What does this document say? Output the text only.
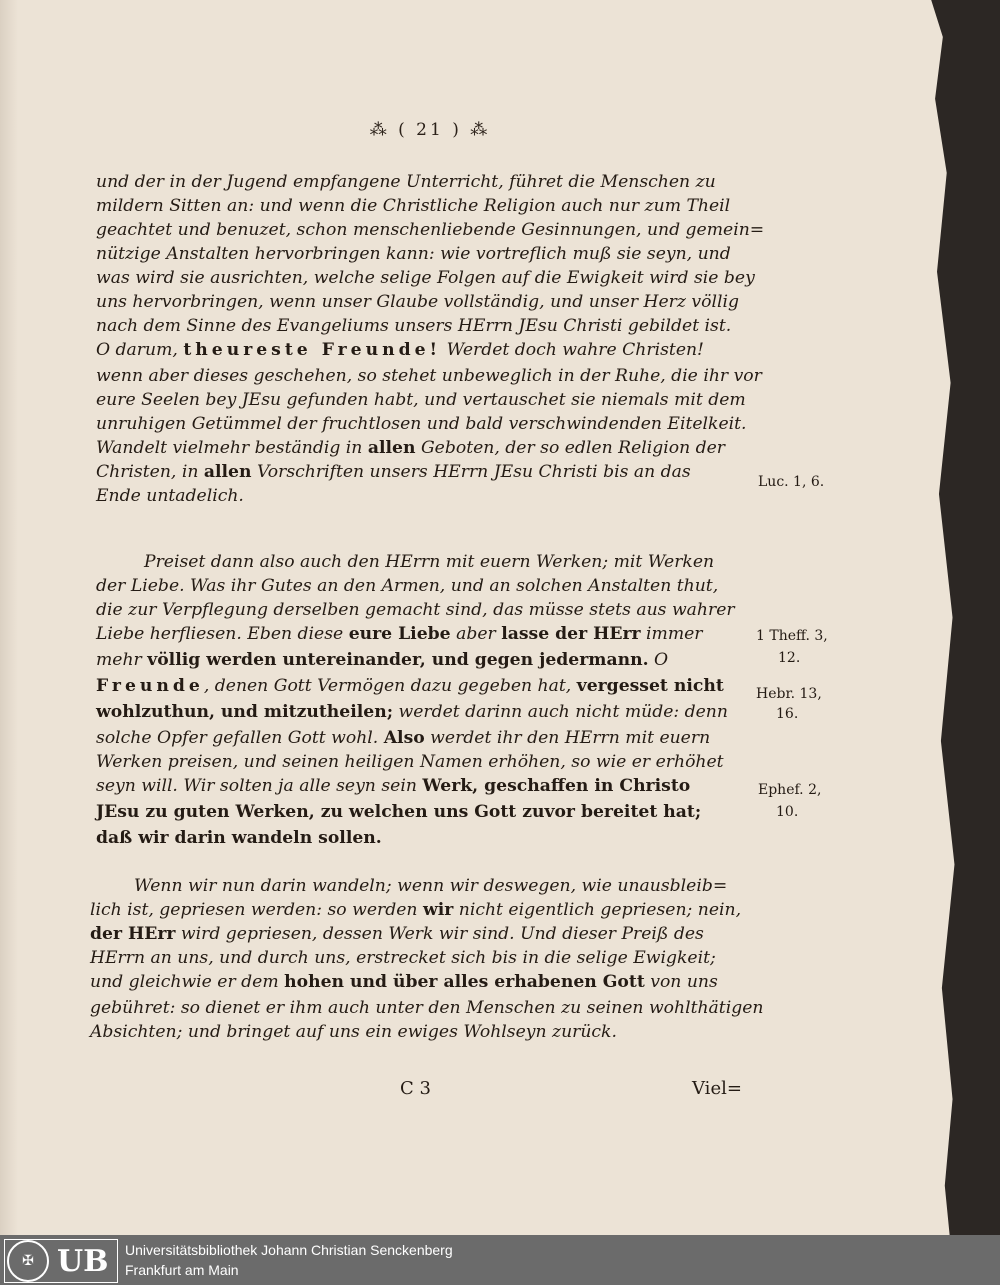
⁂ ( 21 ) ⁂
und der in der Jugend empfangene Unterricht, führet die Menschen zu
mildern Sitten an: und wenn die Christliche Religion auch nur zum Theil
geachtet und benuzet, schon menschenliebende Gesinnungen, und gemein=
nützige Anstalten hervorbringen kann: wie vortreflich muß sie seyn, und
was wird sie ausrichten, welche selige Folgen auf die Ewigkeit wird sie bey
uns hervorbringen, wenn unser Glaube vollständig, und unser Herz völlig
nach dem Sinne des Evangeliums unsers HErrn JEsu Christi gebildet ist.
O darum, theureste Freunde! Werdet doch wahre Christen!
wenn aber dieses geschehen, so stehet unbeweglich in der Ruhe, die ihr vor
eure Seelen bey JEsu gefunden habt, und vertauschet sie niemals mit dem
unruhigen Getümmel der fruchtlosen und bald verschwindenden Eitelkeit.
Wandelt vielmehr beständig in allen Geboten, der so edlen Religion der
Christen, in allen Vorschriften unsers HErrn JEsu Christi bis an das
Ende untadelich.
Preiset dann also auch den HErrn mit euern Werken; mit Werken
der Liebe. Was ihr Gutes an den Armen, und an solchen Anstalten thut,
die zur Verpflegung derselben gemacht sind, das müsse stets aus wahrer
Liebe herfliesen. Eben diese eure Liebe aber lasse der HErr immer
mehr völlig werden untereinander, und gegen jedermann. O
Freunde, denen Gott Vermögen dazu gegeben hat, vergesset nicht
wohlzuthun, und mitzutheilen; werdet darinn auch nicht müde: denn
solche Opfer gefallen Gott wohl. Also werdet ihr den HErrn mit euern
Werken preisen, und seinen heiligen Namen erhöhen, so wie er erhöhet
seyn will. Wir solten ja alle seyn sein Werk, geschaffen in Christo
JEsu zu guten Werken, zu welchen uns Gott zuvor bereitet hat;
daß wir darin wandeln sollen.
Wenn wir nun darin wandeln; wenn wir deswegen, wie unausbleib=
lich ist, gepriesen werden: so werden wir nicht eigentlich gepriesen; nein,
der HErr wird gepriesen, dessen Werk wir sind. Und dieser Preiß des
HErrn an uns, und durch uns, erstrecket sich bis in die selige Ewigkeit;
und gleichwie er dem hohen und über alles erhabenen Gott von uns
gebühret: so dienet er ihm auch unter den Menschen zu seinen wohlthätigen
Absichten; und bringet auf uns ein ewiges Wohlseyn zurück.
Luc. 1, 6.
1 Theff. 3,
12.
Hebr. 13,
16.
Ephef. 2,
10.
C 3	Viel=
✠ UB Universitätsbibliothek Johann Christian Senckenberg
Frankfurt am Main
